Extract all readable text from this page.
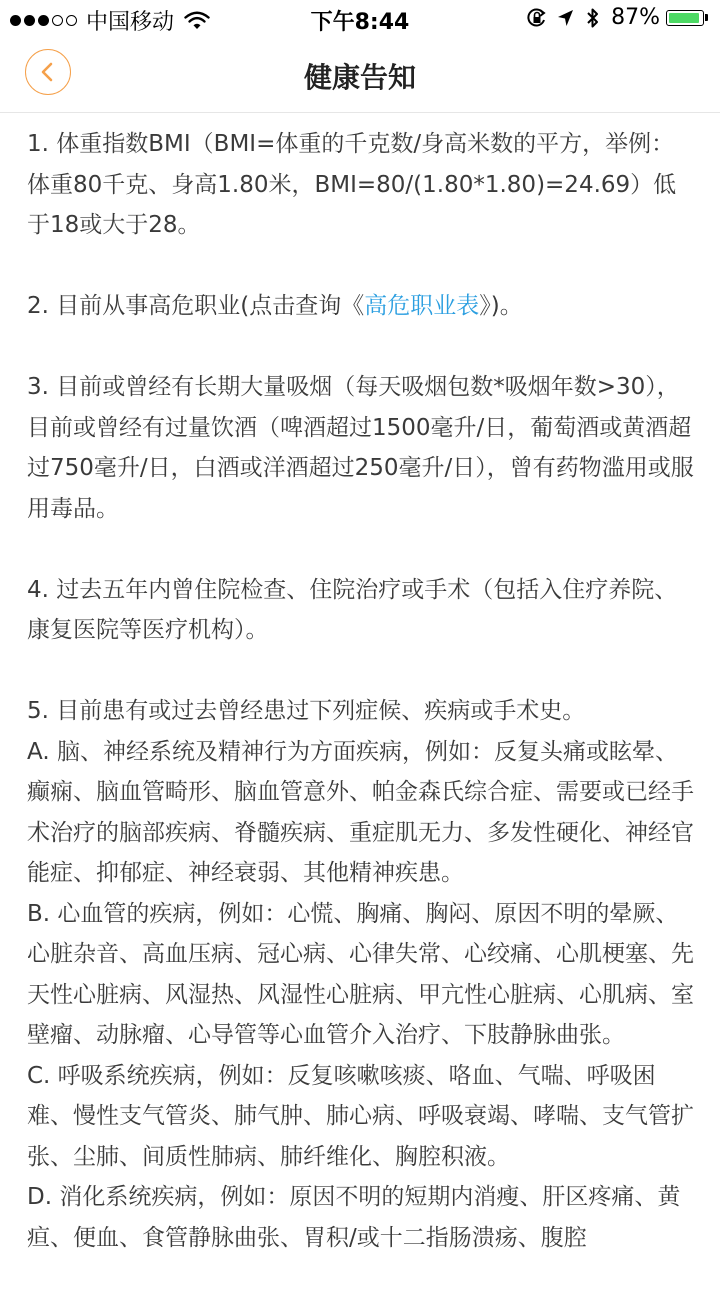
中国移动	下午8:44	87%
健康告知

1. 体重指数BMI（BMI=体重的千克数/身高米数的平方，举例：体重80千克、身高1.80米，BMI=80/(1.80*1.80)=24.69）低于18或大于28。

2. 目前从事高危职业(点击查询《高危职业表》)。

3. 目前或曾经有长期大量吸烟（每天吸烟包数*吸烟年数>30），目前或曾经有过量饮酒（啤酒超过1500毫升/日，葡萄酒或黄酒超过750毫升/日，白酒或洋酒超过250毫升/日），曾有药物滥用或服用毒品。

4. 过去五年内曾住院检查、住院治疗或手术（包括入住疗养院、康复医院等医疗机构）。

5. 目前患有或过去曾经患过下列症候、疾病或手术史。

A. 脑、神经系统及精神行为方面疾病，例如：反复头痛或眩晕、癫痫、脑血管畸形、脑血管意外、帕金森氏综合症、需要或已经手术治疗的脑部疾病、脊髓疾病、重症肌无力、多发性硬化、神经官能症、抑郁症、神经衰弱、其他精神疾患。

B. 心血管的疾病，例如：心慌、胸痛、胸闷、原因不明的晕厥、心脏杂音、高血压病、冠心病、心律失常、心绞痛、心肌梗塞、先天性心脏病、风湿热、风湿性心脏病、甲亢性心脏病、心肌病、室壁瘤、动脉瘤、心导管等心血管介入治疗、下肢静脉曲张。

C. 呼吸系统疾病，例如：反复咳嗽咳痰、咯血、气喘、呼吸困难、慢性支气管炎、肺气肿、肺心病、呼吸衰竭、哮喘、支气管扩张、尘肺、间质性肺病、肺纤维化、胸腔积液。

D. 消化系统疾病，例如：原因不明的短期内消瘦、肝区疼痛、黄疸、便血、食管静脉曲张、胃积/或十二指肠溃疡、腹腔
